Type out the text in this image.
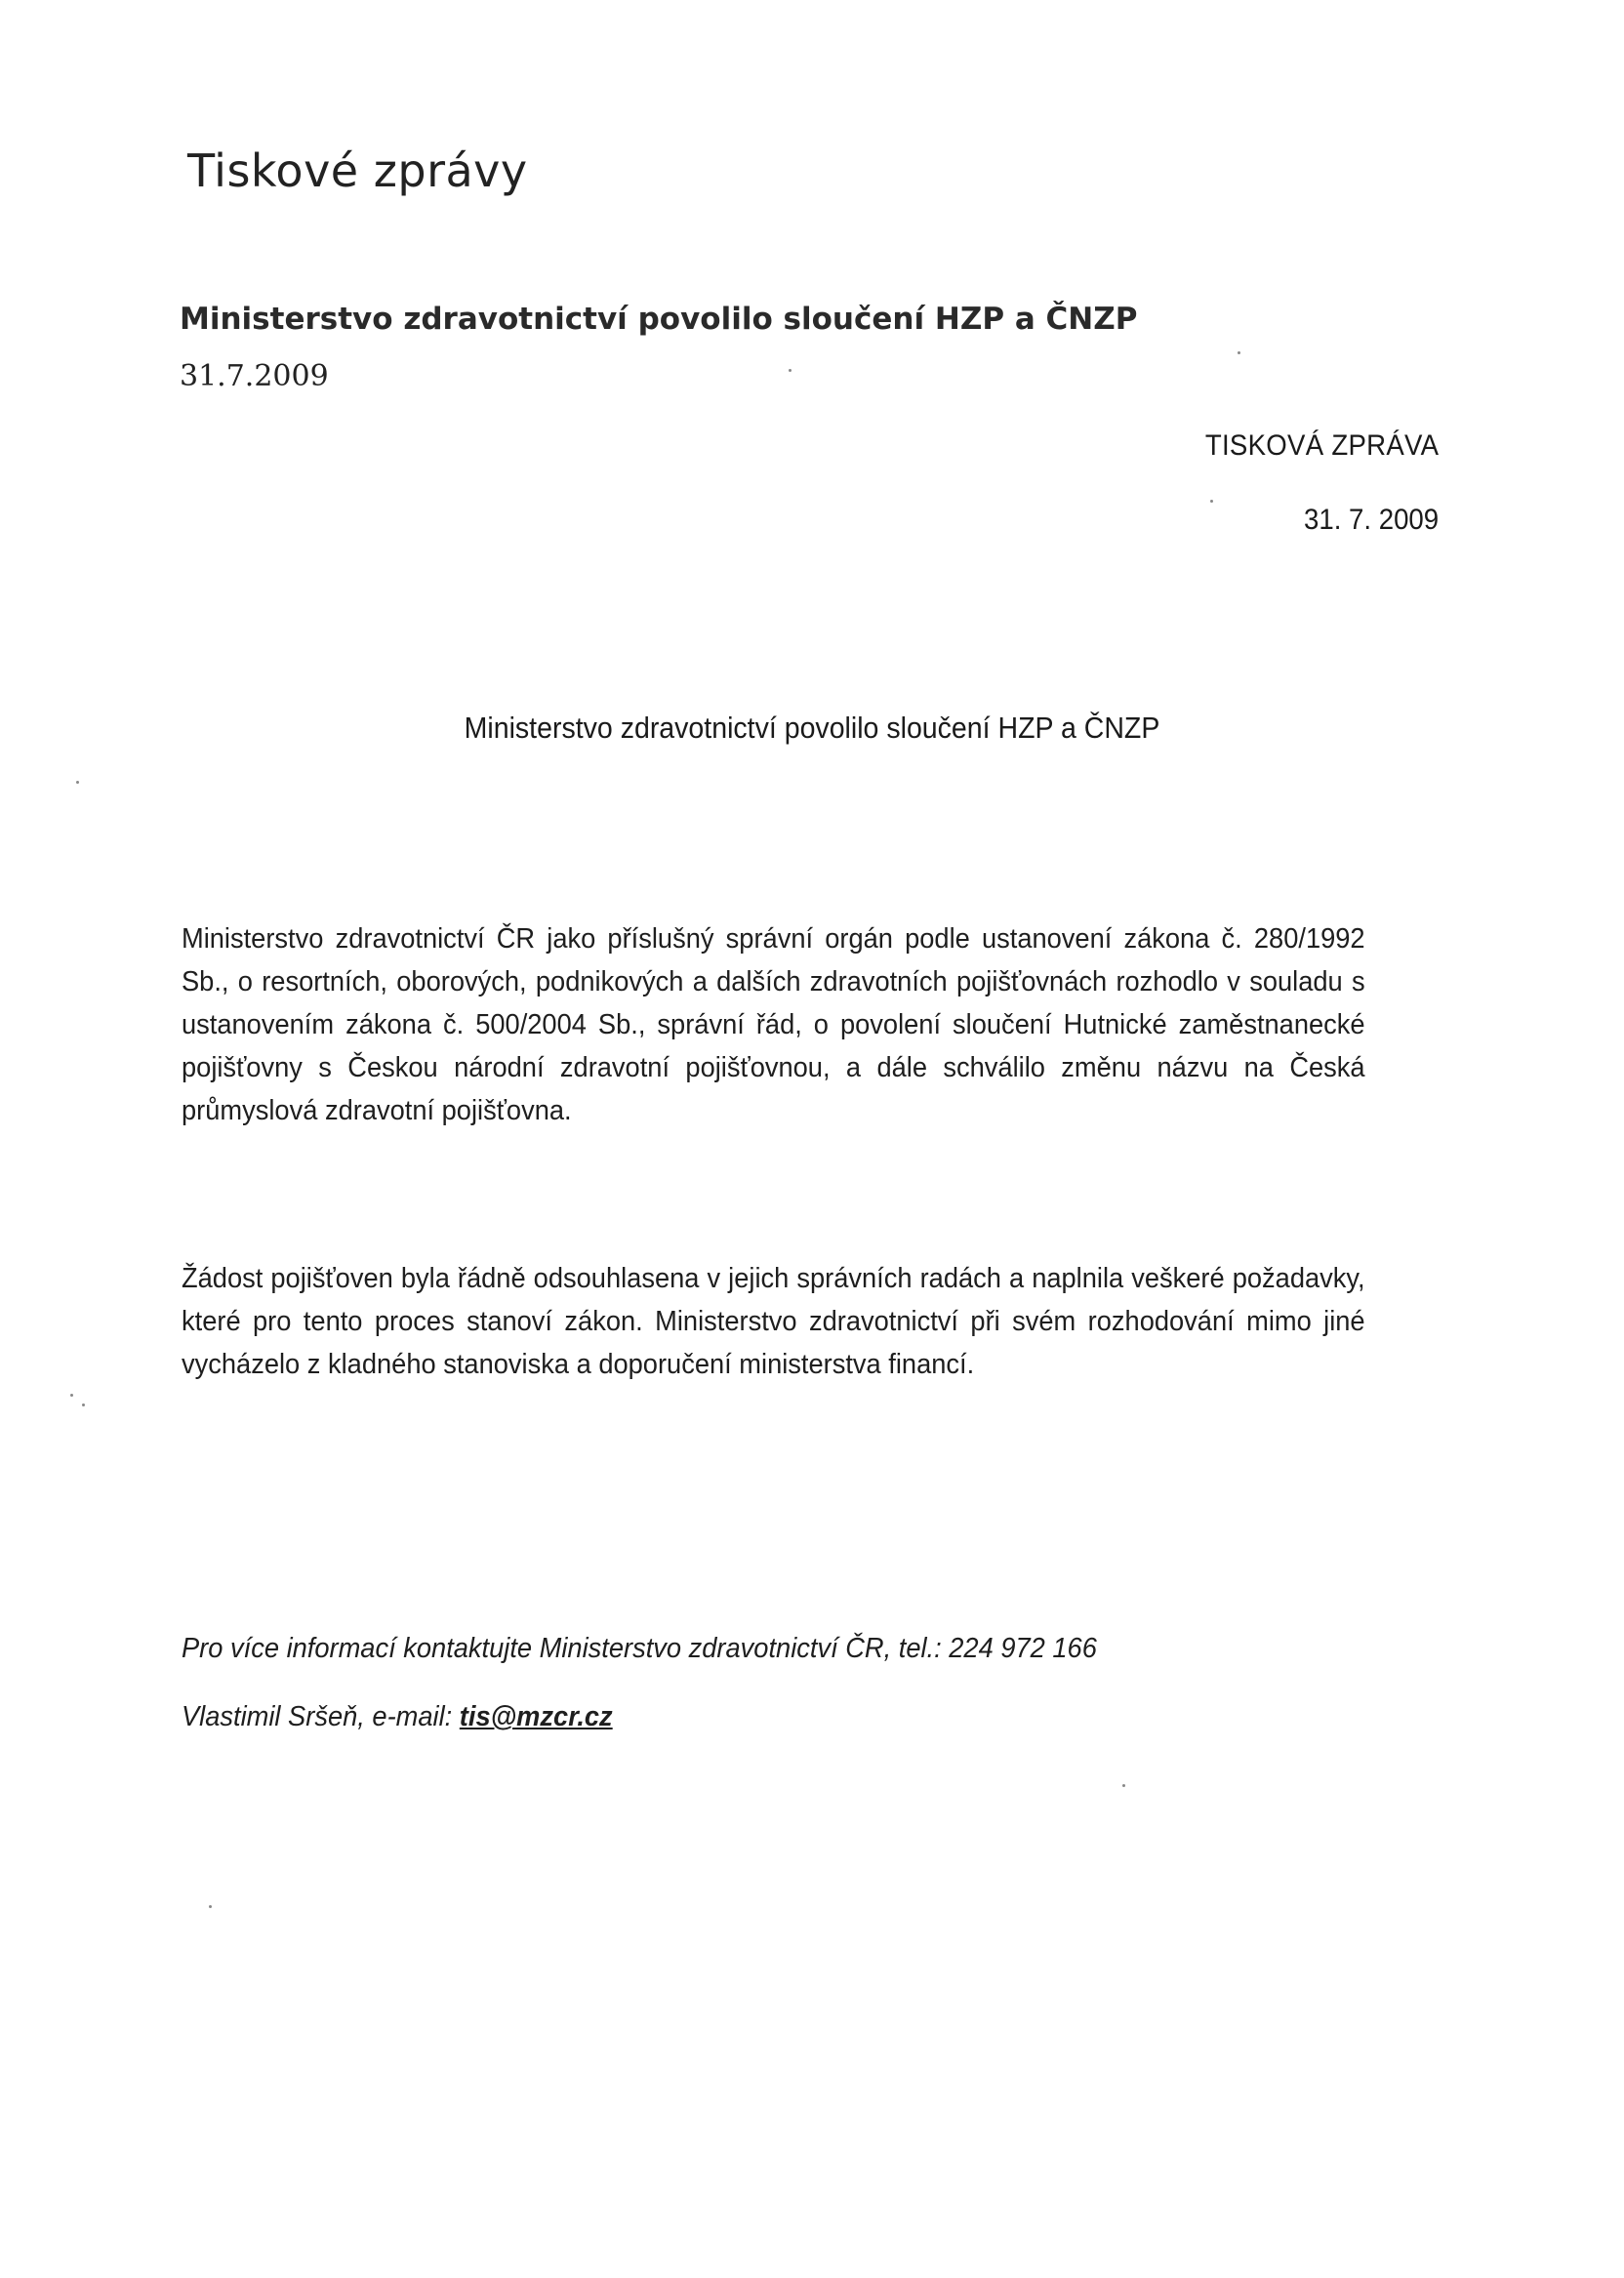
Tiskové zprávy
Ministerstvo zdravotnictví povolilo sloučení HZP a ČNZP
31.7.2009
TISKOVÁ ZPRÁVA
31. 7. 2009
Ministerstvo zdravotnictví povolilo sloučení HZP a ČNZP

Ministerstvo zdravotnictví ČR jako příslušný správní orgán podle ustanovení zákona č. 280/1992 Sb., o resortních, oborových, podnikových a dalších zdravotních pojišťovnách rozhodlo v souladu s ustanovením zákona č. 500/2004 Sb., správní řád, o povolení sloučení Hutnické zaměstnanecké pojišťovny s Českou národní zdravotní pojišťovnou, a dále schválilo změnu názvu na Česká průmyslová zdravotní pojišťovna.

Žádost pojišťoven byla řádně odsouhlasena v jejich správních radách a naplnila veškeré požadavky, které pro tento proces stanoví zákon. Ministerstvo zdravotnictví při svém rozhodování mimo jiné vycházelo z kladného stanoviska a doporučení ministerstva financí.

Pro více informací kontaktujte Ministerstvo zdravotnictví ČR, tel.: 224 972 166

Vlastimil Sršeň, e-mail: tis@mzcr.cz
